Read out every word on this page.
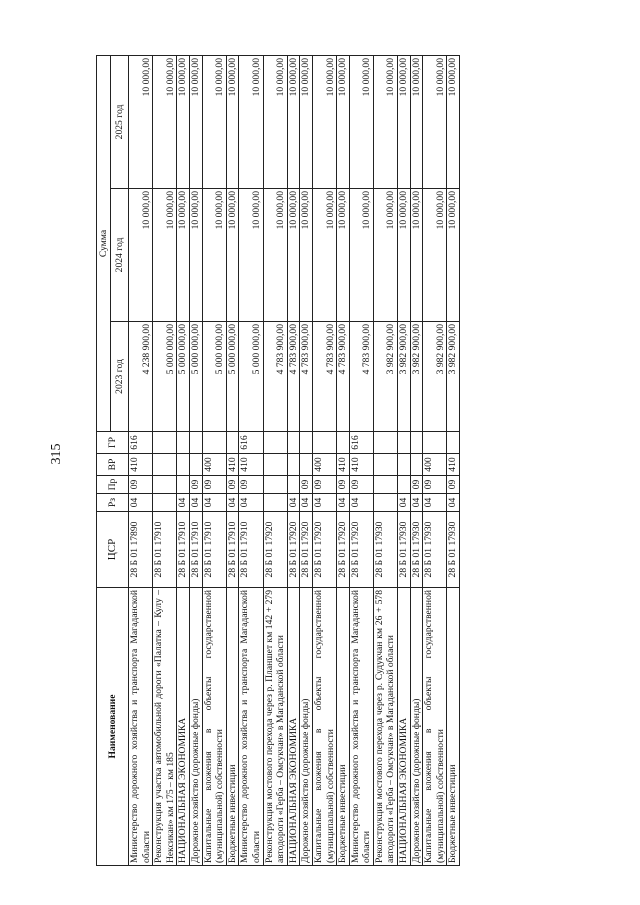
315
Наименование	ЦСР	Рз	Пр	ВР	ГР	Сумма		
						2023 год	2024 год	2025 год
Министерство дорожного хозяйства и транспорта Магаданской области	28 Б 01 17890	04	09	410	616	4 238 900,00	10 000,00	10 000,00
Реконструкция участка автомобильной дороги «Палатка – Кулу – Нексикан» км 175 – км 185	28 Б 01 17910					5 000 000,00	10 000,00	10 000,00
НАЦИОНАЛЬНАЯ ЭКОНОМИКА	28 Б 01 17910	04				5 000 000,00	10 000,00	10 000,00
Дорожное хозяйство (дорожные фонды)	28 Б 01 17910	04	09			5 000 000,00	10 000,00	10 000,00
Капитальные вложения в объекты государственной (муниципальной) собственности	28 Б 01 17910	04	09	400		5 000 000,00	10 000,00	10 000,00
Бюджетные инвестиции	28 Б 01 17910	04	09	410		5 000 000,00	10 000,00	10 000,00
Министерство дорожного хозяйства и транспорта Магаданской области	28 Б 01 17910	04	09	410	616	5 000 000,00	10 000,00	10 000,00
Реконструкция мостового перехода через р. Планшет км 142 + 279 автодороги «Герба – Омсукчан» в Магаданской области	28 Б 01 17920					4 783 900,00	10 000,00	10 000,00
НАЦИОНАЛЬНАЯ ЭКОНОМИКА	28 Б 01 17920	04				4 783 900,00	10 000,00	10 000,00
Дорожное хозяйство (дорожные фонды)	28 Б 01 17920	04	09			4 783 900,00	10 000,00	10 000,00
Капитальные вложения в объекты государственной (муниципальной) собственности	28 Б 01 17920	04	09	400		4 783 900,00	10 000,00	10 000,00
Бюджетные инвестиции	28 Б 01 17920	04	09	410		4 783 900,00	10 000,00	10 000,00
Министерство дорожного хозяйства и транспорта Магаданской области	28 Б 01 17920	04	09	410	616	4 783 900,00	10 000,00	10 000,00
Реконструкция мостового перехода через р. Судукчан км 26 + 578 автодороги «Герба – Омсукчан» в Магаданской области	28 Б 01 17930					3 982 900,00	10 000,00	10 000,00
НАЦИОНАЛЬНАЯ ЭКОНОМИКА	28 Б 01 17930	04				3 982 900,00	10 000,00	10 000,00
Дорожное хозяйство (дорожные фонды)	28 Б 01 17930	04	09			3 982 900,00	10 000,00	10 000,00
Капитальные вложения в объекты государственной (муниципальной) собственности	28 Б 01 17930	04	09	400		3 982 900,00	10 000,00	10 000,00
Бюджетные инвестиции	28 Б 01 17930	04	09	410		3 982 900,00	10 000,00	10 000,00
